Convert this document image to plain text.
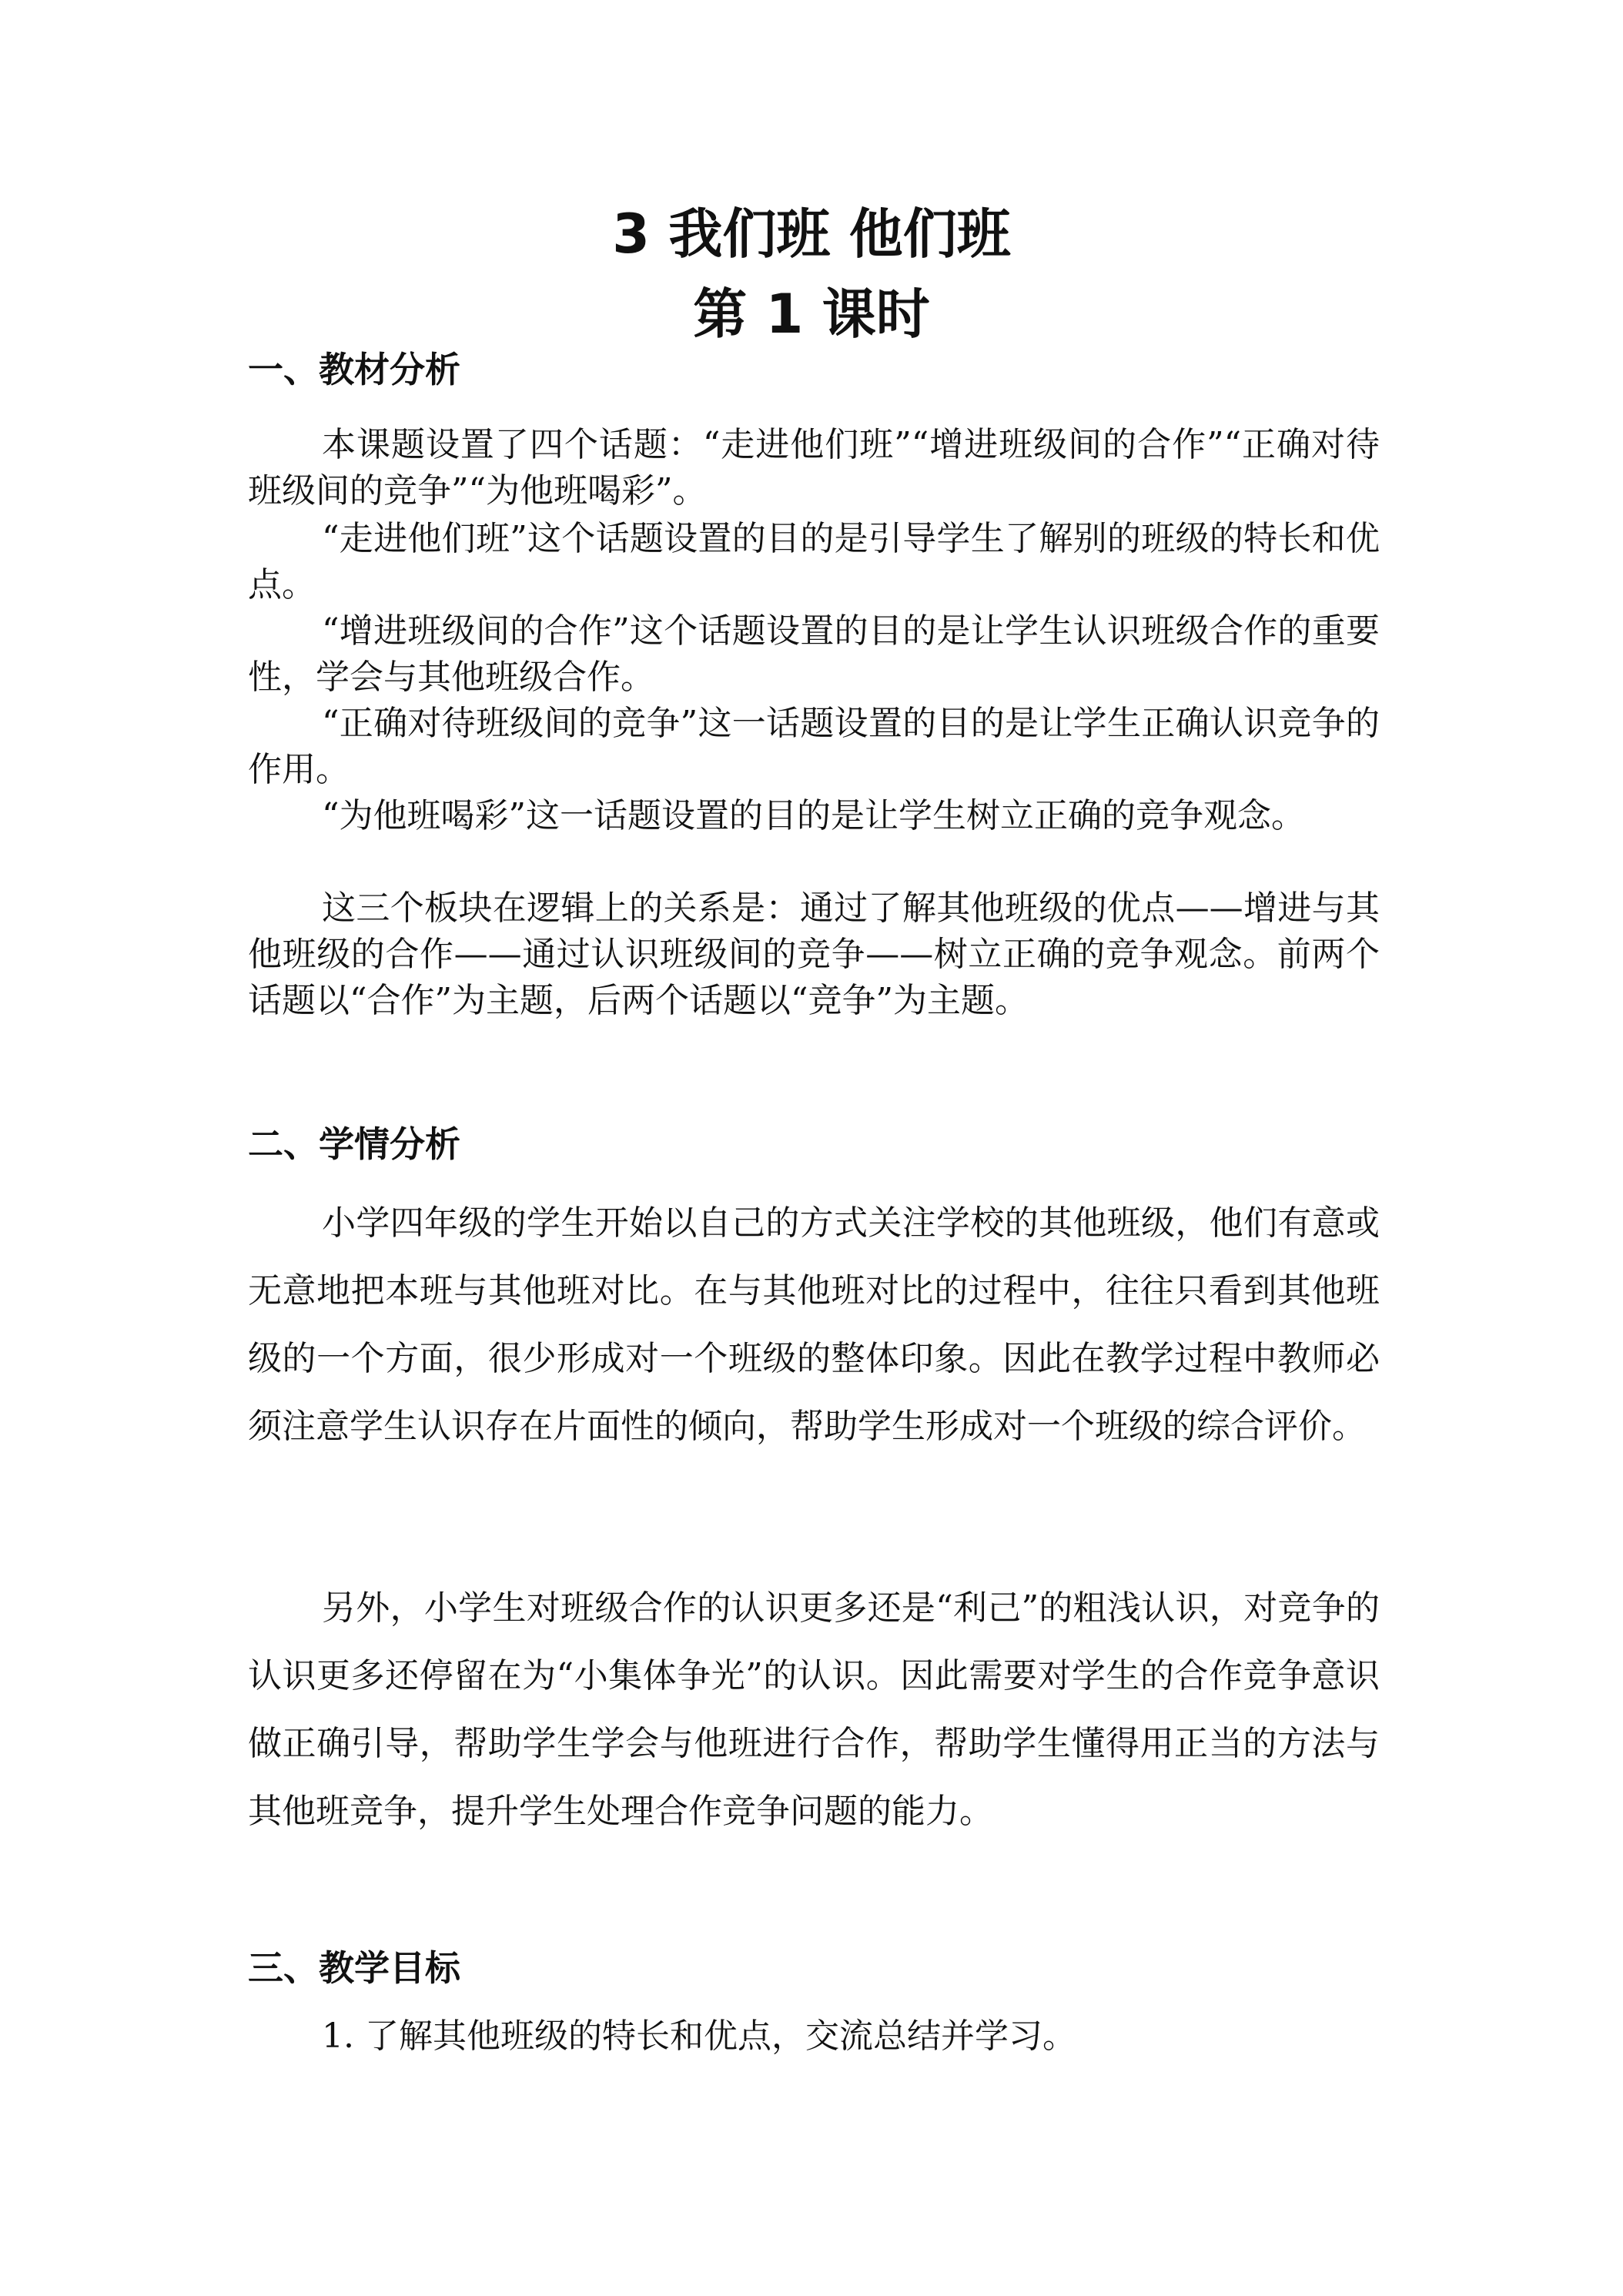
3 我们班 他们班
第 1 课时
一、教材分析

本课题设置了四个话题：“走进他们班”“增进班级间的合作”“正确对待班级间的竞争”“为他班喝彩”。

“走进他们班”这个话题设置的目的是引导学生了解别的班级的特长和优点。

“增进班级间的合作”这个话题设置的目的是让学生认识班级合作的重要性，学会与其他班级合作。

“正确对待班级间的竞争”这一话题设置的目的是让学生正确认识竞争的作用。

“为他班喝彩”这一话题设置的目的是让学生树立正确的竞争观念。

这三个板块在逻辑上的关系是：通过了解其他班级的优点——增进与其他班级的合作——通过认识班级间的竞争——树立正确的竞争观念。前两个话题以“合作”为主题，后两个话题以“竞争”为主题。

二、学情分析

小学四年级的学生开始以自己的方式关注学校的其他班级，他们有意或无意地把本班与其他班对比。在与其他班对比的过程中，往往只看到其他班级的一个方面，很少形成对一个班级的整体印象。因此在教学过程中教师必须注意学生认识存在片面性的倾向，帮助学生形成对一个班级的综合评价。

另外，小学生对班级合作的认识更多还是“利己”的粗浅认识，对竞争的认识更多还停留在为“小集体争光”的认识。因此需要对学生的合作竞争意识做正确引导，帮助学生学会与他班进行合作，帮助学生懂得用正当的方法与其他班竞争，提升学生处理合作竞争问题的能力。

三、教学目标

1. 了解其他班级的特长和优点，交流总结并学习。
